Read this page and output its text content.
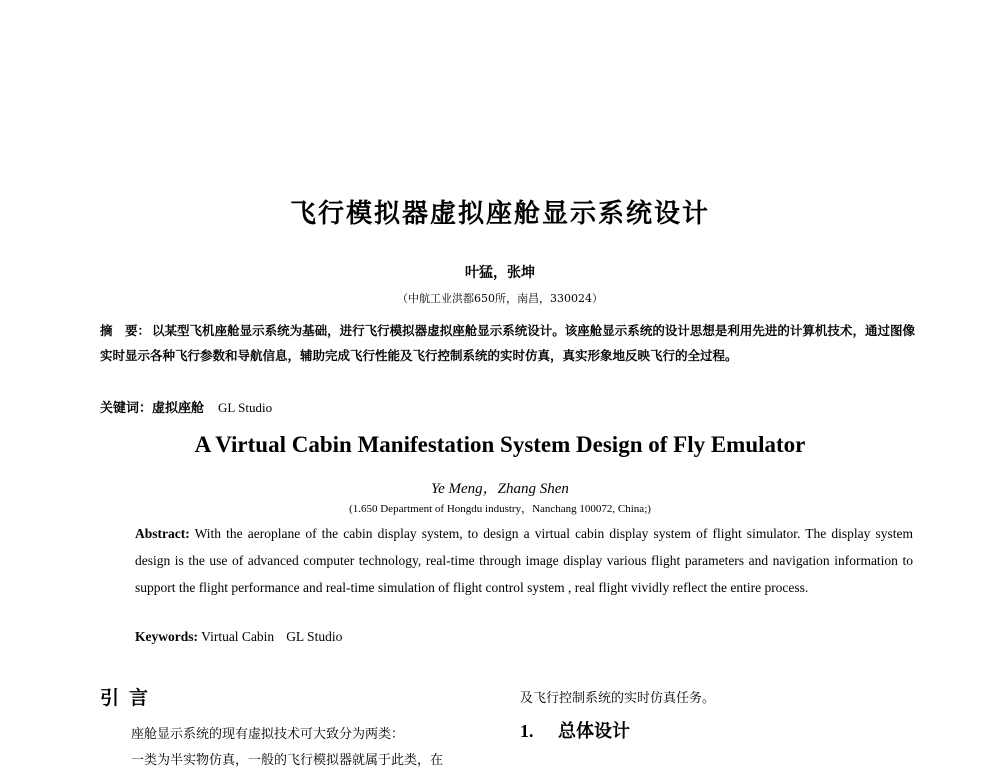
飞行模拟器虚拟座舱显示系统设计
叶猛，张坤
（中航工业洪都650所，南昌，330024）

摘　要： 以某型飞机座舱显示系统为基础，进行飞行模拟器虚拟座舱显示系统设计。该座舱显示系统的设计思想是利用先进的计算机技术，通过图像实时显示各种飞行参数和导航信息，辅助完成飞行性能及飞行控制系统的实时仿真，真实形象地反映飞行的全过程。

关键词：虚拟座舱 GL Studio
A Virtual Cabin Manifestation System Design of Fly Emulator
Ye Meng，Zhang Shen
(1.650 Department of Hongdu industry，Nanchang 100072, China;)

Abstract: With the aeroplane of the cabin display system, to design a virtual cabin display system of flight simulator. The display system design is the use of advanced computer technology, real-time through image display various flight parameters and navigation information to support the flight performance and real-time simulation of flight control system , real flight vividly reflect the entire process.

Keywords: Virtual Cabin GL Studio
引言

座舱显示系统的现有虚拟技术可大致分为两类：

一类为半实物仿真，一般的飞行模拟器就属于此类，在

及飞行控制系统的实时仿真任务。

1. 总体设计
